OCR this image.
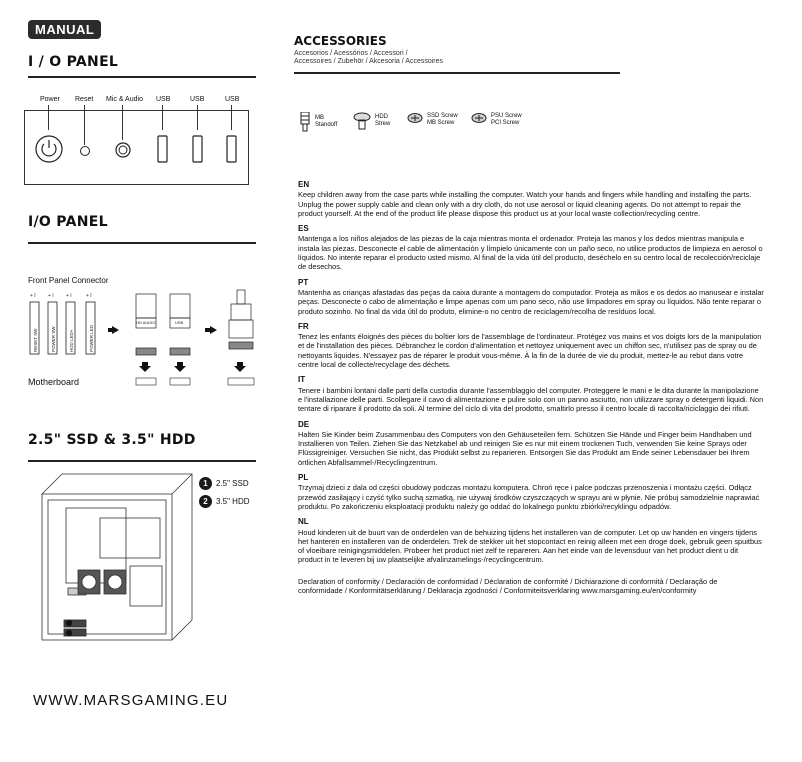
MANUAL
I / O PANEL
Power Reset Mic & Audio USB	USB	USB
I/O PANEL
Front Panel Connector
+ I + I + I	+ I
RESET SW	POWER SW	HDD LED+	POWER LED
HD AUDIO	USB
Motherboard
2.5" SSD & 3.5" HDD
1	2.5" SSD
2	3.5" HDD
WWW.MARSGAMING.EU
ACCESSORIES
Accesorios / Acessórios / Accessori /
Accessoires / Zubehör / Akcesoria / Accessoires
MB
Standoff
HDD
Strew
SSD Screw
MB Screw
PSU Screw
PCI Screw
EN
Keep children away from the case parts while installing the computer. Watch your hands and fingers while handling and installing the parts. Unplug the power supply cable and clean only with a dry cloth, do not use aerosol or liquid cleaning agents. Do not attempt to repair the product yourself. At the end of the product life please dispose this product us at your local waste collection/recycling centre.
ES
Mantenga a los niños alejados de las piezas de la caja mientras monta el ordenador. Proteja las manos y los dedos mientras manipula e instala las piezas. Desconecte el cable de alimentación y límpielo únicamente con un paño seco, no utilice productos de limpieza en aerosol o líquidos. No intente reparar el producto usted mismo. Al final de la vida útil del producto, deséchelo en su centro local de recolección/reciclaje de desechos.
PT
Mantenha as crianças afastadas das peças da caixa durante a montagem do computador. Proteja as mãos e os dedos ao manusear e instalar peças. Desconecte o cabo de alimentação e limpe apenas com um pano seco, não use limpadores em spray ou líquidos. Não tente reparar o produto sozinho. No final da vida útil do produto, elimine-o no centro de reciclagem/recolha de resíduos local.
FR
Tenez les enfants éloignés des pièces du boîtier lors de l'assemblage de l'ordinateur. Protégez vos mains et vos doigts lors de la manipulation et de l'installation des pièces. Débranchez le cordon d'alimentation et nettoyez uniquement avec un chiffon sec, n'utilisez pas de spray ou de nettoyants liquides. N'essayez pas de réparer le produit vous-même. À la fin de la durée de vie du produit, mettez-le au rebut dans votre centre local de collecte/recyclage des déchets.
IT
Tenere i bambini lontani dalle parti della custodia durante l'assemblaggio del computer. Proteggere le mani e le dita durante la manipolazione e l'installazione delle parti. Scollegare il cavo di alimentazione e pulire solo con un panno asciutto, non utilizzare spray o detergenti liquidi. Non tentare di riparare il prodotto da soli. Al termine del ciclo di vita del prodotto, smaltirlo presso il centro locale di raccolta/riciclaggio dei rifiuti.
DE
Halten Sie Kinder beim Zusammenbau des Computers von den Gehäuseteilen fern. Schützen Sie Hände und Finger beim Handhaben und Installieren von Teilen. Ziehen Sie das Netzkabel ab und reinigen Sie es nur mit einem trockenen Tuch, verwenden Sie keine Sprays oder Flüssigreiniger. Versuchen Sie nicht, das Produkt selbst zu reparieren. Entsorgen Sie das Produkt am Ende seiner Lebensdauer bei Ihrem örtlichen Abfallsammel-/Recyclingzentrum.
PL
Trzymaj dzieci z dala od części obudowy podczas montażu komputera. Chroń ręce i palce podczas przenoszenia i montażu części. Odłącz przewód zasilający i czyść tylko suchą szmatką, nie używaj środków czyszczących w sprayu ani w płynie. Nie próbuj samodzielnie naprawiać produktu. Po zakończeniu eksploatacji produktu należy go oddać do lokalnego punktu zbiórki/recyklingu odpadów.
NL
Houd kinderen uit de buurt van de onderdelen van de behuizing tijdens het installeren van de computer. Let op uw handen en vingers tijdens het hanteren en installeren van de onderdelen. Trek de stekker uit het stopcontact en reinig alleen met een droge doek, gebruik geen spuitbus of vloeibare reinigingsmiddelen. Probeer het product niet zelf te repareren. Aan het einde van de levensduur van het product dient u dit product in te leveren bij uw plaatselijke afvalinzamelings-/recyclingcentrum.
Declaration of conformity / Declaración de conformidad / Déclaration de conformité / Dichiarazione di conformità / Declaração de conformidade / Konformitätserklärung / Deklaracja zgodności / Conformiteitsverklaring www.marsgaming.eu/en/conformity
